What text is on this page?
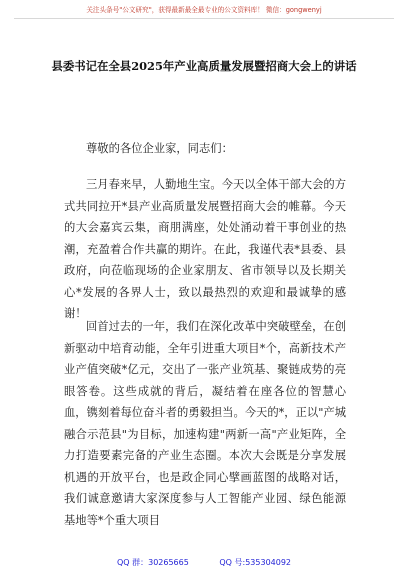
关注头条号"公文研究"，获得最新最全最专业的公文资料库！ 微信：gongwenyj
县委书记在全县2025年产业高质量发展暨招商大会上的讲话
尊敬的各位企业家，同志们：

三月春来早，人勤地生宝。今天以全体干部大会的方式共同拉开*县产业高质量发展暨招商大会的帷幕。今天的大会嘉宾云集，商朋满座，处处涌动着干事创业的热潮，充盈着合作共赢的期许。在此，我谨代表*县委、县政府，向莅临现场的企业家朋友、省市领导以及长期关心*发展的各界人士，致以最热烈的欢迎和最诚挚的感谢！

回首过去的一年，我们在深化改革中突破壁垒，在创新驱动中培育动能，全年引进重大项目*个，高新技术产业产值突破*亿元，交出了一张产业筑基、聚链成势的亮眼答卷。这些成就的背后，凝结着在座各位的智慧心血，镌刻着每位奋斗者的勇毅担当。今天的*，正以"产城融合示范县"为目标，加速构建"两新一高"产业矩阵，全力打造要素完备的产业生态圈。本次大会既是分享发展机遇的开放平台，也是政企同心擘画蓝图的战略对话，我们诚意邀请大家深度参与人工智能产业园、绿色能源基地等*个重大项目

QQ 群：30265665	QQ 号:535304092
